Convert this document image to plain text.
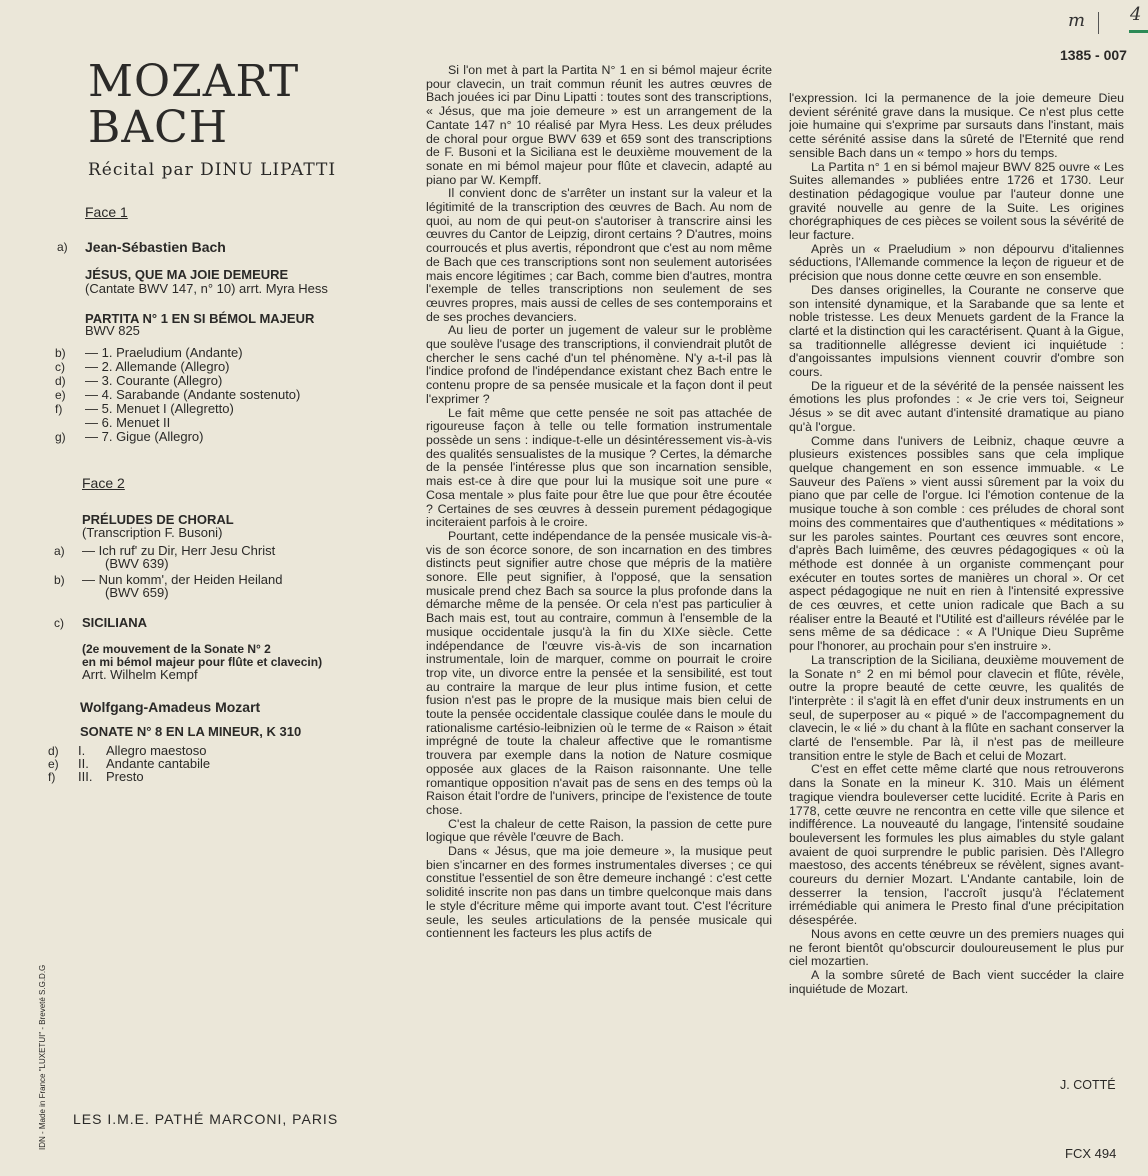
m 4
1385 - 007
MOZART
BACH
Récital par DINU LIPATTI
Face 1
a) Jean-Sébastien Bach
JÉSUS, QUE MA JOIE DEMEURE
(Cantate BWV 147, n° 10) arrt. Myra Hess
PARTITA N° 1 EN SI BÉMOL MAJEUR
BWV 825
b) — 1. Praeludium (Andante)
c) — 2. Allemande (Allegro)
d) — 3. Courante (Allegro)
e) — 4. Sarabande (Andante sostenuto)
f) — 5. Menuet I (Allegretto)
— 6. Menuet II
g) — 7. Gigue (Allegro)
Face 2
PRÉLUDES DE CHORAL
(Transcription F. Busoni)
a) — Ich ruf' zu Dir, Herr Jesu Christ
(BWV 639)
b) — Nun komm', der Heiden Heiland
(BWV 659)
c) SICILIANA
(2e mouvement de la Sonate N° 2
en mi bémol majeur pour flûte et clavecin)
Arrt. Wilhelm Kempf
Wolfgang-Amadeus Mozart
SONATE N° 8 EN LA MINEUR, K 310
d) I. Allegro maestoso
e) II. Andante cantabile
f) III. Presto
IDN - Made in France "LUXETUI" - Breveté S.G.D.G LES I.M.E. PATHÉ MARCONI, PARIS
FCX 494

Si l'on met à part la Partita N° 1 en si bémol majeur écrite pour clavecin, un trait commun réunit les autres œuvres de Bach jouées ici par Dinu Lipatti : toutes sont des transcriptions, « Jésus, que ma joie demeure » est un arrangement de la Cantate 147 n° 10 réalisé par Myra Hess. Les deux préludes de choral pour orgue BWV 639 et 659 sont des transcriptions de F. Busoni et la Siciliana est le deuxième mouvement de la sonate en mi bémol majeur pour flûte et clavecin, adapté au piano par W. Kempff.

Il convient donc de s'arrêter un instant sur la valeur et la légitimité de la transcription des œuvres de Bach. Au nom de quoi, au nom de qui peut-on s'autoriser à transcrire ainsi les œuvres du Cantor de Leipzig, diront certains ? D'autres, moins courroucés et plus avertis, répondront que c'est au nom même de Bach que ces transcriptions sont non seulement autorisées mais encore légitimes ; car Bach, comme bien d'autres, montra l'exemple de telles transcriptions non seulement de ses œuvres propres, mais aussi de celles de ses contemporains et de ses proches devanciers.

Au lieu de porter un jugement de valeur sur le problème que soulève l'usage des transcriptions, il conviendrait plutôt de chercher le sens caché d'un tel phénomène. N'y a-t-il pas là l'indice profond de l'indépendance existant chez Bach entre le contenu propre de sa pensée musicale et la façon dont il peut l'exprimer ?

Le fait même que cette pensée ne soit pas attachée de rigoureuse façon à telle ou telle formation instrumentale possède un sens : indique-t-elle un désintéressement vis-à-vis des qualités sensualistes de la musique ? Certes, la démarche de la pensée l'intéresse plus que son incarnation sensible, mais est-ce à dire que pour lui la musique soit une pure « Cosa mentale » plus faite pour être lue que pour être écoutée ? Certaines de ses œuvres à dessein purement pédagogique inciteraient parfois à le croire.

Pourtant, cette indépendance de la pensée musicale vis-à-vis de son écorce sonore, de son incarnation en des timbres distincts peut signifier autre chose que mépris de la matière sonore. Elle peut signifier, à l'opposé, que la sensation musicale prend chez Bach sa source la plus profonde dans la démarche même de la pensée. Or cela n'est pas particulier à Bach mais est, tout au contraire, commun à l'ensemble de la musique occidentale jusqu'à la fin du XIXe siècle. Cette indépendance de l'œuvre vis-à-vis de son incarnation instrumentale, loin de marquer, comme on pourrait le croire trop vite, un divorce entre la pensée et la sensibilité, est tout au contraire la marque de leur plus intime fusion, et cette fusion n'est pas le propre de la musique mais bien celui de toute la pensée occidentale classique coulée dans le moule du rationalisme cartésio-leibnizien où le terme de « Raison » était imprégné de toute la chaleur affective que le romantisme trouvera par exemple dans la notion de Nature cosmique opposée aux glaces de la Raison raisonnante. Une telle romantique opposition n'avait pas de sens en des temps où la Raison était l'ordre de l'univers, principe de l'existence de toute chose.

C'est la chaleur de cette Raison, la passion de cette pure logique que révèle l'œuvre de Bach.

Dans « Jésus, que ma joie demeure », la musique peut bien s'incarner en des formes instrumentales diverses ; ce qui constitue l'essentiel de son être demeure inchangé : c'est cette solidité inscrite non pas dans un timbre quelconque mais dans le style d'écriture même qui importe avant tout. C'est l'écriture seule, les seules articulations de la pensée musicale qui contiennent les facteurs les plus actifs de

l'expression. Ici la permanence de la joie demeure Dieu devient sérénité grave dans la musique. Ce n'est plus cette joie humaine qui s'exprime par sursauts dans l'instant, mais cette sérénité assise dans la sûreté de l'Eternité que rend sensible Bach dans un « tempo » hors du temps.

La Partita n° 1 en si bémol majeur BWV 825 ouvre « Les Suites allemandes » publiées entre 1726 et 1730. Leur destination pédagogique voulue par l'auteur donne une gravité nouvelle au genre de la Suite. Les origines chorégraphiques de ces pièces se voilent sous la sévérité de leur facture.

Après un « Praeludium » non dépourvu d'italiennes séductions, l'Allemande commence la leçon de rigueur et de précision que nous donne cette œuvre en son ensemble.

Des danses originelles, la Courante ne conserve que son intensité dynamique, et la Sarabande que sa lente et noble tristesse. Les deux Menuets gardent de la France la clarté et la distinction qui les caractérisent. Quant à la Gigue, sa traditionnelle allégresse devient ici inquiétude : d'angoissantes impulsions viennent couvrir d'ombre son cours.

De la rigueur et de la sévérité de la pensée naissent les émotions les plus profondes : « Je crie vers toi, Seigneur Jésus » se dit avec autant d'intensité dramatique au piano qu'à l'orgue.

Comme dans l'univers de Leibniz, chaque œuvre a plusieurs existences possibles sans que cela implique quelque changement en son essence immuable. « Le Sauveur des Païens » vient aussi sûrement par la voix du piano que par celle de l'orgue. Ici l'émotion contenue de la musique touche à son comble : ces préludes de choral sont moins des commentaires que d'authentiques « méditations » sur les paroles saintes. Pourtant ces œuvres sont encore, d'après Bach luimême, des œuvres pédagogiques « où la méthode est donnée à un organiste commençant pour exécuter en toutes sortes de manières un choral ». Or cet aspect pédagogique ne nuit en rien à l'intensité expressive de ces œuvres, et cette union radicale que Bach a su réaliser entre la Beauté et l'Utilité est d'ailleurs révélée par le sens même de sa dédicace : « A l'Unique Dieu Suprême pour l'honorer, au prochain pour s'en instruire ».

La transcription de la Siciliana, deuxième mouvement de la Sonate n° 2 en mi bémol pour clavecin et flûte, révèle, outre la propre beauté de cette œuvre, les qualités de l'interprète : il s'agit là en effet d'unir deux instruments en un seul, de superposer au « piqué » de l'accompagnement du clavecin, le « lié » du chant à la flûte en sachant conserver la clarté de l'ensemble. Par là, il n'est pas de meilleure transition entre le style de Bach et celui de Mozart.

C'est en effet cette même clarté que nous retrouverons dans la Sonate en la mineur K. 310. Mais un élément tragique viendra bouleverser cette lucidité. Ecrite à Paris en 1778, cette œuvre ne rencontra en cette ville que silence et indifférence. La nouveauté du langage, l'intensité soudaine bouleversent les formules les plus aimables du style galant avaient de quoi surprendre le public parisien. Dès l'Allegro maestoso, des accents ténébreux se révèlent, signes avant-coureurs du dernier Mozart. L'Andante cantabile, loin de desserrer la tension, l'accroît jusqu'à l'éclatement irrémédiable qui animera le Presto final d'une précipitation désespérée.

Nous avons en cette œuvre un des premiers nuages qui ne feront bientôt qu'obscurcir douloureusement le plus pur ciel mozartien.

A la sombre sûreté de Bach vient succéder la claire inquiétude de Mozart.

J. COTTÉ
